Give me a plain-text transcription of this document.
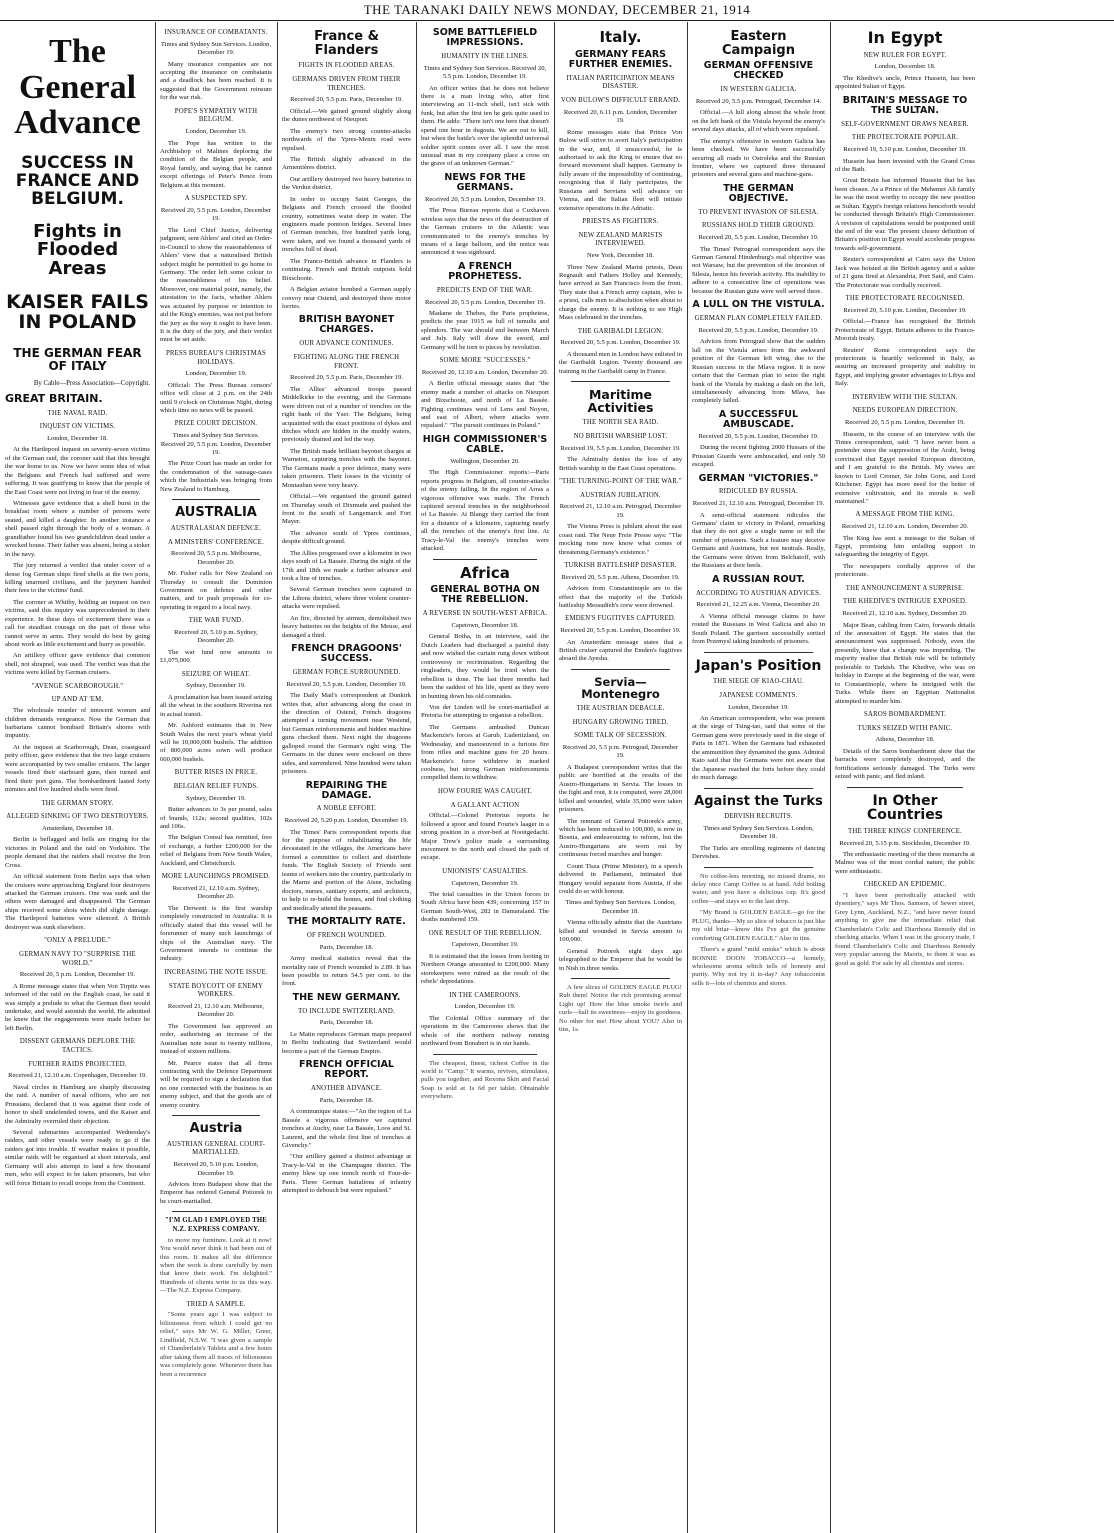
THE TARANAKI DAILY NEWS MONDAY, DECEMBER 21, 1914
The General Advance
SUCCESS IN FRANCE AND BELGIUM.
Fights in Flooded Areas
KAISER FAILS IN POLAND
THE GERMAN FEAR OF ITALY
By Cable—Press Association—Copyright.
GREAT BRITAIN.
THE NAVAL RAID.
INQUEST ON VICTIMS.
London, December 18.

At the Hartlepool inquest on seventy-seven victims of the German raid, the coroner said that this brought the war home to us. Now we have some idea of what the Belgians and French had suffered and were suffering. It was gratifying to know that the people of the East Coast were not living in fear of the enemy.

Witnesses gave evidence that a shell burst in the breakfast room where a number of persons were seated, and killed a daughter. In another instance a shell passed right through the body of a woman. A grandfather found his two grandchildren dead under a wrecked house. Their father was absent, being a stoker in the navy.

The jury returned a verdict that under cover of a dense fog German ships fired shells at the two ports, killing unarmed civilians, and the jurymen handed their fees to the victims' fund.

The coroner at Whitby, holding an inquest on two victims, said this inquiry was unprecedented in their experience. In these days of excitement there was a call for steadfast courage on the part of those who cannot serve in arms. They would do best by going about work as little excitement and hurry as possible.

An artillery officer gave evidence that common shell, not shrapnel, was used. The verdict was that the victims were killed by German cruisers.

"AVENGE SCARBOROUGH."
UP AND AT 'EM.

The wholesale murder of innocent women and children demands vengeance. Now the German that barbarians cannot bombard Britain's shores with impunity.

At the inquest at Scarborough, Dean, coastguard petty officer, gave evidence that the two large cruisers were accompanied by two smaller cruisers. The larger vessels fired their starboard guns, then turned and fired their port guns. The bombardment lasted forty minutes and five hundred shells were fired.

THE GERMAN STORY.
ALLEGED SINKING OF TWO DESTROYERS.
Amsterdam, December 18.

Berlin is beflagged and bells are ringing for the victories in Poland and the raid on Yorkshire. The people demand that the raiders shall receive the Iron Cross.

An official statement from Berlin says that when the cruisers were approaching England four destroyers attacked the German cruisers. One was sunk and the others were damaged and disappeared. The German ships received some shots which did slight damage. The Hartlepool batteries were silenced. A British destroyer was sunk elsewhere.

"ONLY A PRELUDE."
GERMAN NAVY TO "SURPRISE THE WORLD."
Received 20, 5 p.m. London, December 19.

A Rome message states that when Von Tirpitz was informed of the raid on the English coast, he said it was simply a prelude to what the German fleet would undertake, and would astonish the world. He admitted he knew that the engagements were made before he left Berlin.

DISSENT GERMANS DEPLORE THE TACTICS.
FURTHER RAIDS PROJECTED.
Received 21, 12.10 a.m. Copenhagen, December 19.

Naval circles in Hamburg are sharply discussing the raid. A number of naval officers, who are not Prussians, declared that it was against their code of honor to shell undefended towns, and the Kaiser and the Admiralty overruled their objection.

Several submarines accompanied Wednesday's raiders, and other vessels were ready to go if the raiders got into trouble. If weather makes it possible, similar raids will be organised at short intervals, and Germany will also attempt to land a few thousand men, who will expect to be taken prisoners, but who will force Britain to recall troops from the Continent.

INSURANCE OF COMBATANTS.
Times and Sydney Sun Services. London, December 19.

Many insurance companies are not accepting the insurance on combatants and a deadlock has been reached. It is suggested that the Government reinsure for the war risk.

POPE'S SYMPATHY WITH BELGIUM.
London, December 19.

The Pope has written to the Archbishop of Malines deploring the condition of the Belgian people, and Royal family, and saying that he cannot except offerings of Peter's Pence from Belgium at this moment.

A SUSPECTED SPY.
Received 20, 5.5 p.m. London, December 19.

The Lord Chief Justice, delivering judgment, sent Ahlers' and cited an Order-in-Council to show the reasonableness of Ahlers' view that a naturalised British subject might be permitted to go home to Germany. The order left some colour to the reasonableness of his belief. Moreover, one material point, namely, the attestation to the facts, whether Ahlers was actuated by purpose or intention to aid the King's enemies, was not put before the jury as the way it ought to have been. It is the duty of the jury, and their verdict must be set aside.

PRESS BUREAU'S CHRISTMAS HOLIDAYS.
London, December 19.

Official: The Press Bureau censors' office will close at 2 p.m. on the 24th until 9 o'clock on Christmas Night, during which time no news will be passed.

PRIZE COURT DECISION.
Times and Sydney Sun Services. Received 20, 5.5 p.m. London, December 19.

The Prize Court has made an order for the condemnation of the sausage-cases which the Industrials was bringing from New Zealand to Hamburg.

AUSTRALIA
AUSTRALASIAN DEFENCE.
A MINISTERS' CONFERENCE.
Received 20, 5.5 p.m. Melbourne, December 20.

Mr. Fisher calls for New Zealand on Thursday to consult the Dominion Government on defence and other matters, and to push proposals for co-operating in regard to a local navy.

THE WAR FUND.
Received 20, 5.10 p.m. Sydney, December 20.

The war fund now amounts to £1,075,000.

SEIZURE OF WHEAT.
Sydney, December 19.

A proclamation has been issued seizing all the wheat in the southern Riverina not in actual transit.

Mr. Ashford estimates that in New South Wales the next year's wheat yield will be 10,000,000 bushels. The addition of 800,000 acres sown will produce 600,000 bushels.

BUTTER RISES IN PRICE.
BELGIAN RELIEF FUNDS.
Sydney, December 19.

Butter advances to 3s per pound, sales of brands, 112s; second qualities, 102s and 106s.

The Belgian Consul has remitted, free of exchange, a further £200,000 for the relief of Belgians from New South Wales, Auckland, and Christchurch.

MORE LAUNCHINGS PROMISED.
Received 21, 12.10 a.m. Sydney, December 20.

The Derwent is the first warship completely constructed in Australia. It is officially stated that this vessel will be forerunner of many such launchings of ships of the Australian navy. The Government intends to continue the industry.

INCREASING THE NOTE ISSUE.
STATE BOYCOTT OF ENEMY WORKERS.
Received 21, 12.10 a.m. Melbourne, December 20.

The Government has approved an order, authorising an increase of the Australian note issue to twenty millions, instead of sixteen millions.

Mr. Pearce states that all firms contracting with the Defence Department will be required to sign a declaration that no one connected with the business is an enemy subject, and that the goods are of enemy country.

Austria
AUSTRIAN GENERAL COURT-MARTIALLED.
Received 20, 5.10 p.m. London, December 19.

Advices from Budapest show that the Emperor has ordered General Potiorek to be court-martialled.

"I'M GLAD I EMPLOYED THE N.Z. EXPRESS COMPANY.

to move my furniture. Look at it now! You would never think it had been out of this room. It makes all the difference when the work is done carefully by men that know their work. I'm delighted." Hundreds of clients write to us this way.—The N.Z. Express Company.

TRIED A SAMPLE.

"Some years ago I was subject to biliousness from which I could get no relief," says Mr W. G. Miller, Greer, Lindfield, N.S.W. "I was given a sample of Chamberlain's Tablets and a few hours after taking them all traces of biliousness was completely gone. Whenever there has been a recurrence

France & Flanders
FIGHTS IN FLOODED AREAS.
GERMANS DRIVEN FROM THEIR TRENCHES.
Received 20, 5.5 p.m. Paris, December 19.

Official.—We gained ground slightly along the dunes northwest of Nieuport.

The enemy's two strong counter-attacks northwards of the Ypres-Menin road were repulsed.

The British slightly advanced in the Armentières district.

Our artillery destroyed two heavy batteries in the Verdun district.

In order to occupy Saint Georges, the Belgians and French crossed the flooded country, sometimes waist deep in water. The engineers made pontoon bridges. Several lines of German trenches, five hundred yards long, were taken, and we found a thousand yards of trenches full of dead.

The Franco-British advance in Flanders is continuing. French and British outposts hold Bixschoote.

A Belgian aviator bombed a German supply convoy near Ostend, and destroyed three motor lorries.

BRITISH BAYONET CHARGES.
OUR ADVANCE CONTINUES.
FIGHTING ALONG THE FRENCH FRONT.
Received 20, 5.5 p.m. Paris, December 19.

The Allies' advanced troops passed Middelkirke in the evening, and the Germans were driven out of a number of trenches on the right bank of the Yser. The Belgians, being acquainted with the exact positions of dykes and ditches which are hidden in the muddy waters, previously drained and led the way.

The British made brilliant bayonet charges at Warneton, capturing trenches with the bayonet. The Germans made a poor defence, many were taken prisoners. Their losses in the vicinity of Montauban were very heavy.

Official.—We organised the ground gained on Thursday south of Dixmude and pushed the front to the south of Langemarck and Fort Mayer.

The advance south of Ypres continues, despite difficult ground.

The Allies progressed over a kilometre in two days south of La Bassée. During the night of the 17th and 18th we made a further advance and took a line of trenches.

Several German trenches were captured in the Lihons district, where three violent counter-attacks were repulsed.

An fire, directed by airmen, demolished two heavy batteries on the heights of the Meuse, and damaged a third.

FRENCH DRAGOONS' SUCCESS.
GERMAN FORCE SURROUNDED.
Received 20, 5.5 p.m. London, December 19.

The Daily Mail's correspondent at Dunkirk writes that, after advancing along the coast in the direction of Ostend, French dragoons attempted a turning movement near Westend, but German reinforcements and hidden machine guns checked them. Next night the dragoons galloped round the German's right wing. The Germans in the dunes were enclosed on three sides, and surrendered. Nine hundred were taken prisoners.

REPAIRING THE DAMAGE.
A NOBLE EFFORT.
Received 20, 5.20 p.m. London, December 19.

The Times' Paris correspondent reports that for the purpose of rehabilitating the life devastated in the villages, the Americans have formed a committee to collect and distribute funds. The English Society of Friends sent teams of workers into the country, particularly in the Marne and portion of the Aisne, including doctors, nurses, sanitary experts, and architects, to help to re-build the homes, and find clothing and medically attend the peasants.

THE MORTALITY RATE.
OF FRENCH WOUNDED.
Paris, December 18.

Army medical statistics reveal that the mortality rate of French wounded is 2.89. It has been possible to return 54.5 per cent. to the front.

THE NEW GERMANY.
TO INCLUDE SWITZERLAND.
Paris, December 18.

Le Matin reproduces German maps prepared in Berlin indicating that Switzerland would become a part of the German Empire.

FRENCH OFFICIAL REPORT.
ANOTHER ADVANCE.
Paris, December 18.

A communique states:—"An the region of La Bassée a vigorous offensive we captured trenches at Auchy, near La Bassée, Loos and St. Laurent, and the whole first line of trenches at Givenchy."

"Our artillery gained a distinct advantage at Tracy-le-Val in the Champagne district. The enemy blew up one trench north of Four-de-Paris. Three German battalions of infantry attempted to debouch but were repulsed."

SOME BATTLEFIELD IMPRESSIONS.
HUMANITY IN THE LINES.
Times and Sydney Sun Services. Received 20, 5.5 p.m. London, December 19.

An officer writes that he does not believe there is a man living who, after first interviewing an 11-inch shell, isn't sick with funk, but after the first ten he gets quite used to them. He adds: "There isn't one here that doesn't spend one hour in dugouts. We are out to kill, but when the battle's over the splendid universal soldier spirit comes over all. I saw the most unusual man in my company place a cross on the grave of an unknown German."

NEWS FOR THE GERMANS.
Received 20, 5.5 p.m. London, December 19.

The Press Bureau reports that a Cuxhaven wireless says that the news of the destruction of the German cruisers in the Atlantic was communicated to the enemy's trenches by means of a large balloon, and the notice was announced it was signboard.

A FRENCH PROPHETESS.
PREDICTS END OF THE WAR.
Received 20, 5.5 p.m. London, December 19.

Madame de Thebes, the Paris prophetess, predicts the year 1915 as full of tumults and splendors. The war should end between March and July. Italy will draw the sword, and Germany will be torn to pieces by revolution.

SOME MORE "SUCCESSES."
Received 20, 12.10 a.m. London, December 20.

A Berlin official message states that "the enemy made a number of attacks on Nieuport and Bixschoote, and north of La Bassée. Fighting continues west of Lens and Noyon, and east of Albert, where attacks were repulsed." "The pursuit continues in Poland."

HIGH COMMISSIONER'S CABLE.
Wellington, December 20.

The High Commissioner reports:—Paris reports progress in Belgium, all counter-attacks of the enemy failing. In the region of Arras a vigorous offensive was made. The French captured several trenches in the neighborhood of La Bassée. At Blangy they carried the front for a distance of a kilometre, capturing nearly all the trenches of the enemy's first line. At Tracy-le-Val the enemy's trenches were attacked.

Africa
GENERAL BOTHA ON THE REBELLION.
A REVERSE IN SOUTH-WEST AFRICA.
Capetown, December 18.

General Botha, in an interview, said the Dutch Leaders had discharged a painful duty and now wished the curtain rung down without controversy or recrimination. Regarding the ringleaders, they would be tried when the rebellion is done. The last three months had been the saddest of his life, spent as they were in hunting down his old comrades.

Von der Linden will be court-martialled at Pretoria for attempting to organise a rebellion.

The Germans ambushed Duncan Mackenzie's forces at Garub, Luderitzland, on Wednesday, and manoeuvred in a furious fire from rifles and machine guns for 20 hours. Mackenzie's force withdrew in marked coolness, but strong German reinforcements compelled them to withdraw.

HOW FOURIE WAS CAUGHT.
A GALLANT ACTION

Official.—Colonel Pretorius reports he followed a spoor and found Fourie's laager in a strong position in a river-bed at Nooitgedacht. Major Trew's police made a surrounding movement to the north and closed the path of escape.

UNIONISTS' CASUALTIES.
Capetown, December 19.

The total casualties in the Union forces in South Africa have been 439, concerning 157 in German South-West, 282 in Damaraland. The deaths numbered 159.

ONE RESULT OF THE REBELLION.
Capetown, December 19.

It is estimated that the losses from looting in Northern Orange amounted to £200,000. Many storekeepers were ruined as the result of the rebels' depredations.

IN THE CAMEROONS.
London, December 19.

The Colonial Office summary of the operations in the Cameroons shows that the whole of the northern railway running northward from Bonaberi is in our hands.

The cheapest, finest, richest Coffee in the world is "Camp." It warms, revives, stimulates, pulls you together, and Rexona Skin and Facial Soap is sold at 1s 6d per tablet. Obtainable everywhere.

Italy.
GERMANY FEARS FURTHER ENEMIES.
ITALIAN PARTICIPATION MEANS DISASTER.
VON BULOW'S DIFFICULT ERRAND.
Received 20, 6.11 p.m. London, December 19.

Rome messages state that Prince Von Bulow will strive to avert Italy's participation in the war, and, if unsuccessful, he is authorised to ask the King to ensure that no forward movement shall happen. Germany is fully aware of the impossibility of continuing, recognising that if Italy participates, the Russians and Servians will advance on Vienna, and the Italian fleet will initiate extensive operations in the Adriatic.

PRIESTS AS FIGHTERS.
NEW ZEALAND MARISTS INTERVIEWED.
New York, December 18.

Three New Zealand Marist priests, Dean Regnault and Fathers Holley and Kennedy, have arrived at San Francisco from the front. They state that a French army captain, who is a priest, calls men to absolution when about to charge the enemy. It is nothing to see High Mass celebrated in the trenches.

THE GARIBALDI LEGION.
Received 20, 5.5 p.m. London, December 19.

A thousand men in London have enlisted in the Garibaldi Legion. Twenty thousand are training in the Garibaldi camp in France.

Maritime Activities
THE NORTH SEA RAID.
NO BRITISH WARSHIP LOST.
Received 19, 5.5 p.m. London, December 19.

The Admiralty denies the loss of any British warship in the East Coast operations.

"THE TURNING-POINT OF THE WAR."
AUSTRIAN JUBILATION.
Received 21, 12.10 a.m. Petrograd, December 19.

The Vienna Press is jubilant about the east coast raid. The Neue Freie Presse says: "The mocking tone now know what comes of threatening Germany's existence."

TURKISH BATTLESHIP DISASTER.
Received 20, 5.5 p.m. Athens, December 19.

Advices from Constantinople are to the effect that the majority of the Turkish battleship Messudieh's crew were drowned.

EMDEN'S FUGITIVES CAPTURED.
Received 20, 5.5 p.m. London, December 19.

An Amsterdam message states that a British cruiser captured the Emden's fugitives aboard the Ayesha.

Servia—Montenegro
THE AUSTRIAN DEBACLE.
HUNGARY GROWING TIRED.
SOME TALK OF SECESSION.
Received 20, 5.5 p.m. Petrograd, December 19.

A Budapest correspondent writes that the public are horrified at the results of the Austro-Hungarians in Servia. The losses in the fight and rout, it is computed, were 28,000 killed and wounded, while 35,000 were taken prisoners.

The remnant of General Potiorek's army, which has been reduced to 100,000, is now in Bosnia, and endeavouring to reform, but the Austro-Hungarians are worn out by continuous forced marches and hunger.

Count Tisza (Prime Minister), in a speech delivered in Parliament, intimated that Hungary would separate from Austria, if she could do so with honour.

Times and Sydney Sun Services. London, December 18.

Vienna officially admits that the Austrians killed and wounded in Servia amount to 100,000.

General Potiorek eight days ago telegraphed to the Emperor that he would be in Nish in three weeks.

A few slices of GOLDEN EAGLE PLUG! Rub them! Notice the rich promising aroma! Light up! How the blue smoke twirls and curls—half its sweetness—enjoy its goodness. No other for me! How about YOU? Also in tins, 1s.

Eastern Campaign
GERMAN OFFENSIVE CHECKED
IN WESTERN GALICIA.
Received 20, 5.5 p.m. Petrograd, December 14.

Official.—A lull along almost the whole front on the left bank of the Vistula beyond the enemy's several days attacks, all of which were repulsed.

The enemy's offensive in western Galicia has been checked. We have been successfully securing all roads to Ostroleka and the Russian frontier, where we captured three thousand prisoners and several guns and machine-guns.

THE GERMAN OBJECTIVE.
TO PREVENT INVASION OF SILESIA.
RUSSIANS HOLD THEIR GROUND.
Received 20, 5.5 p.m. London, December 19.

The Times' Petrograd correspondent says the German General Hindenburg's real objective was not Warsaw, but the prevention of the invasion of Silesia, hence his feverish activity. His inability to adhere to a consecutive line of operations was because the Russian guns were well served there.

A LULL ON THE VISTULA.
GERMAN PLAN COMPLETELY FAILED.
Received 20, 5.5 p.m. London, December 19.

Advices from Petrograd show that the sudden lull on the Vistula arises from the awkward position of the German left wing, due to the Russian success in the Mlava region. It is now certain that the German plan to seize the right bank of the Vistula by making a dash on the left, simultaneously advancing from Mlava, has completely failed.

A SUCCESSFUL AMBUSCADE.
Received 20, 5.5 p.m. London, December 19.

During the recent fighting 2000 Hussars of the Prussian Guards were ambuscaded, and only 50 escaped.

GERMAN "VICTORIES."
RIDICULED BY RUSSIA.
Received 21, 12.10 a.m. Petrograd, December 19.

A semi-official statement ridicules the Germans' claim to victory in Poland, remarking that they do not give a single name or tell the number of prisoners. Such a feature may deceive Germans and Austrians, but not neutrals. Really, the Germans were driven from Belchatoff, with the Russians at their heels.

A RUSSIAN ROUT.
ACCORDING TO AUSTRIAN ADVICES.
Received 21, 12.25 a.m. Vienna, December 20.

A Vienna official message claims to have routed the Russians in West Galicia and also in South Poland. The garrison successfully sortied from Przemysl taking hundreds of prisoners.

Japan's Position
THE SIEGE OF KIAO-CHAU.
JAPANESE COMMENTS.
London, December 19.

An American correspondent, who was present at the siege of Tsing-tao, said that some of the German guns were previously used in the siege of Paris in 1871. When the Germans had exhausted the ammunition they dynamited the guns. Admiral Kato said that the Germans were not aware that the Japanese reached the forts before they could do much damage.

Against the Turks
DERVISH RECRUITS.
Times and Sydney Sun Services. London, December 18.

The Turks are enrolling regiments of dancing Dervishes.

No coffee-less morning, no missed drams, no delay once Camp Coffee is at hand. Add boiling water, and you have a delicious cup. It's good coffee—and stays so to the last drop.

"My Brand is GOLDEN EAGLE—go for the PLUG, thanks—My so slice of tobacco is just like my old briar—know this I've got the genuine comforting GOLDEN EAGLE." Also in tins.

There's a grand "mild smoke" which is about BONNIE DOON TOBACCO—a homely, wholesome aroma which tells of honesty and purity. Why not try it to-day? Any tobacconist sells it—lots of chemists and stores.

In Egypt
NEW RULER FOR EGYPT.
London, December 18.

The Khedive's uncle, Prince Hussein, has been appointed Sultan of Egypt.

BRITAIN'S MESSAGE TO THE SULTAN.
SELF-GOVERNMENT DRAWS NEARER.
THE PROTECTORATE POPULAR.
Received 19, 5.10 p.m. London, December 19.

Hussein has been invested with the Grand Cross of the Bath.

Great Britain has informed Hussein that he has been chosen. As a Prince of the Mehemet Ali family he was the most worthy to occupy the new position as Sultan. Egypt's foreign relations henceforth would be conducted through Britain's High Commissioner. A revision of capitulations would be postponed until the end of the war. The present clearer definition of Britain's position in Egypt would accelerate progress towards self-government.

Reuter's correspondent at Cairo says the Union Jack was hoisted at the British agency and a salute of 21 guns fired at Alexandria, Port Said, and Cairo. The Protectorate was cordially received.

THE PROTECTORATE RECOGNISED.
Received 20, 5.10 p.m. London, December 19.

Official.—France has recognised the British Protectorate of Egypt. Britain adheres to the Franco-Moorish treaty.

Reuters' Rome correspondent says the protectorate is heartily welcomed in Italy, as assuring an increased prosperity and stability in Egypt, and implying greater advantages to Libya and Italy.

INTERVIEW WITH THE SULTAN.
NEEDS EUROPEAN DIRECTION.
Received 20, 5.5 p.m. London, December 19.

Hussein, in the course of an interview with the Times correspondent, said: "I have never been a pretender since the suppression of the Arabi, being convinced that Egypt needed European direction, and I am grateful to the British. My views are known to Lord Cromer, Sir John Gorst, and Lord Kitchener. Egypt has more need for the better of extensive cultivation, and its morale is well maintained."

A MESSAGE FROM THE KING.
Received 21, 12.10 a.m. London, December 20.

The King has sent a message to the Sultan of Egypt, promising him unfailing support in safeguarding the integrity of Egypt.

The newspapers cordially approve of the protectorate.

THE ANNOUNCEMENT A SURPRISE.
THE KHEDIVE'S INTRIGUE EXPOSED.
Received 21, 12.10 a.m. Sydney, December 20.

Major Bean, cabling from Cairo, forwards details of the annexation of Egypt. He states that the announcement was suppressed. Nobody, even the presently, knew that a change was impending. The majority realise that British rule will be infinitely preferable to Turkish. The Khedive, who was on holiday in Europe at the beginning of the war, went to Constantinople, where he intrigued with the Turks. While there an Egyptian Nationalist attempted to murder him.

SAROS BOMBARDMENT.
TURKS SEIZED WITH PANIC.
Athens, December 18.

Details of the Saros bombardment show that the barracks were completely destroyed, and the fortifications seriously damaged. The Turks were seized with panic, and fled inland.

In Other Countries
THE THREE KINGS' CONFERENCE.
Received 20, 5.15 p.m. Stockholm, December 19.

The enthusiastic meeting of the three monarchs at Malmo was of the most cordial nature, the public were enthusiastic.

CHECKED AN EPIDEMIC.

"I have been periodically attacked with dysentery," says Mr Thos. Samson, of Sewer street, Grey Lynn, Auckland, N.Z., "and have never found anything to give me the immediate relief that Chamberlain's Colic and Diarrhoea Remedy did in checking attacks. When I was in the grocery trade, I found Chamberlain's Colic and Diarrhoea Remedy very popular among the Maoris, to them it was as good as gold. For sale by all chemists and stores.
